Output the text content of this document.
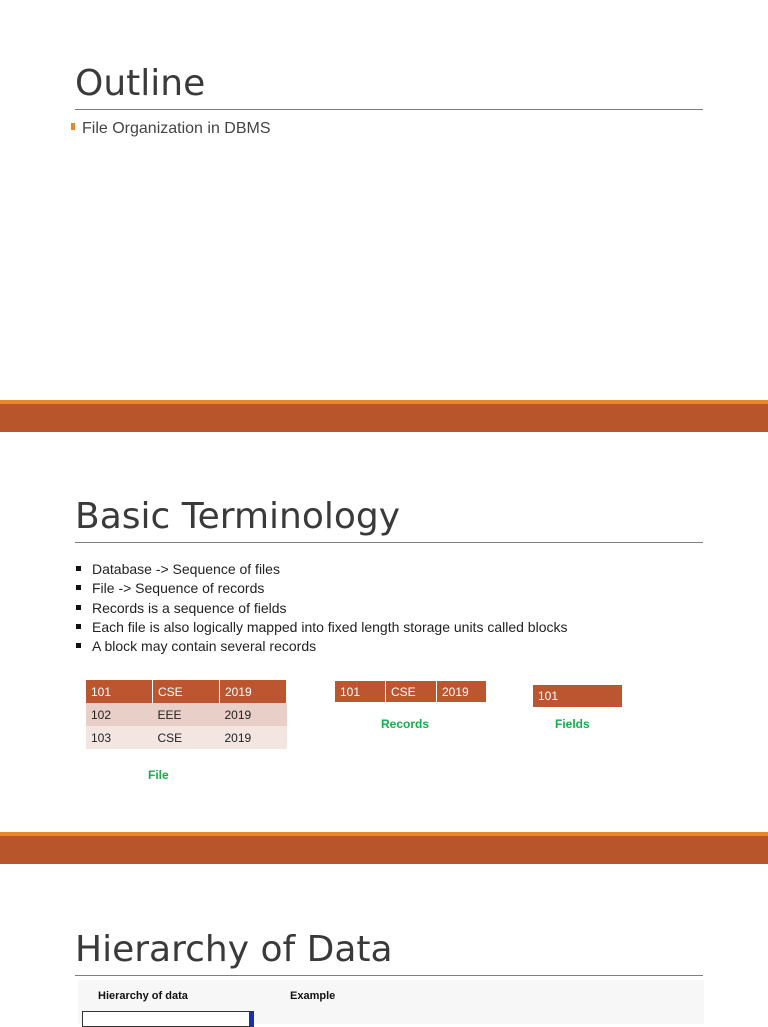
Outline
File Organization in DBMS
Basic Terminology
Database -> Sequence of files
File -> Sequence of records
Records is a sequence of fields
Each file is also logically mapped into fixed length storage units called blocks
A block may contain several records
101	CSE	2019
102	EEE	2019
103	CSE	2019
File
101	CSE	2019
Records
101
Fields
Hierarchy of Data
Hierarchy of data	Example
